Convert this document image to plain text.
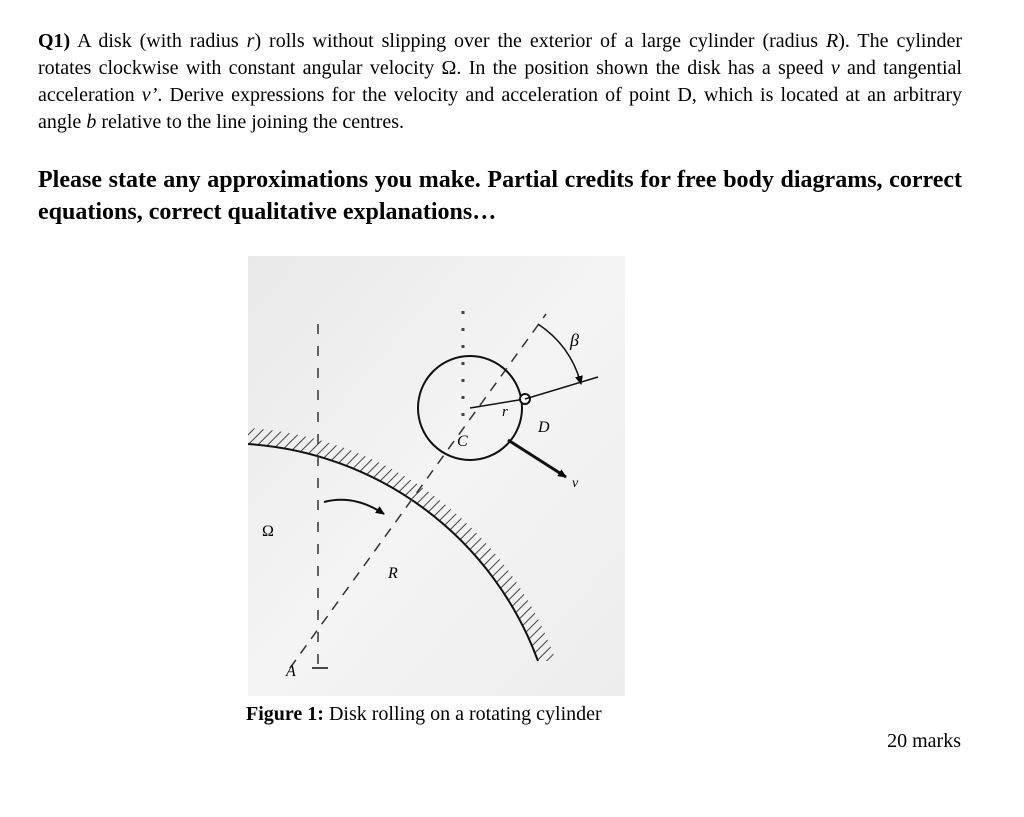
Q1) A disk (with radius r) rolls without slipping over the exterior of a large cylinder (radius R). The cylinder rotates clockwise with constant angular velocity Ω. In the position shown the disk has a speed v and tangential acceleration v’. Derive expressions for the velocity and acceleration of point D, which is located at an arbitrary angle b relative to the line joining the centres.
Please state any approximations you make. Partial credits for free body diagrams, correct equations, correct qualitative explanations…
β
r
D
C
v
Ω
R
A
Figure 1: Disk rolling on a rotating cylinder
20 marks
